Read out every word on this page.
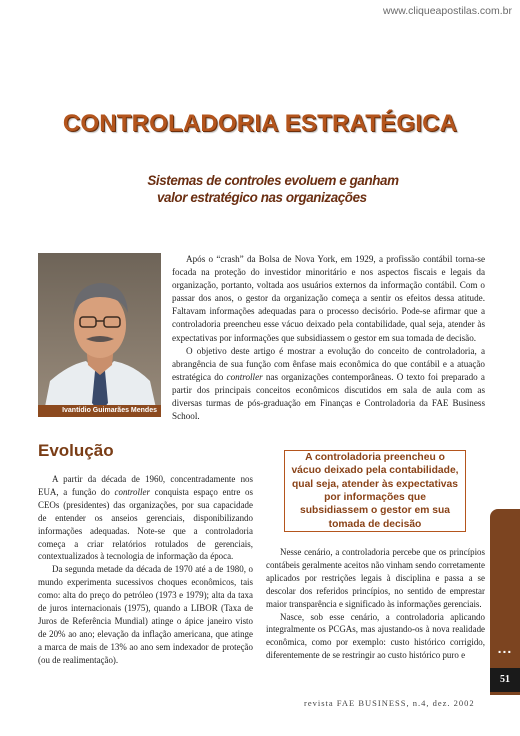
www.cliqueapostilas.com.br
CONTROLADORIA ESTRATÉGICA
Sistemas de controles evoluem e ganham
valor estratégico nas organizações
Ivantídio Guimarães Mendes

Após o “crash” da Bolsa de Nova York, em 1929, a profissão contábil torna-se focada na proteção do investidor minoritário e nos aspectos fiscais e legais da organização, portanto, voltada aos usuários externos da informação contábil. Com o passar dos anos, o gestor da organização começa a sentir os efeitos dessa atitude. Faltavam informações adequadas para o processo decisório. Pode-se afirmar que a controladoria preencheu esse vácuo deixado pela contabilidade, qual seja, atender às expectativas por informações que subsidiassem o gestor em sua tomada de decisão.

O objetivo deste artigo é mostrar a evolução do conceito de controladoria, a abrangência de sua função com ênfase mais econômica do que contábil e a atuação estratégica do controller nas organizações contemporâneas. O texto foi preparado a partir dos principais conceitos econômicos discutidos em sala de aula com as diversas turmas de pós-graduação em Finanças e Controladoria da FAE Business School.

Evolução

A partir da década de 1960, concentradamente nos EUA, a função do controller conquista espaço entre os CEOs (presidentes) das organizações, por sua capacidade de entender os anseios gerenciais, disponibilizando informações adequadas. Note-se que a controladoria começa a criar relatórios rotulados de gerenciais, contextualizados à tecnologia de informação da época.

Da segunda metade da década de 1970 até a de 1980, o mundo experimenta sucessivos choques econômicos, tais como: alta do preço do petróleo (1973 e 1979); alta da taxa de juros internacionais (1975), quando a LIBOR (Taxa de Juros de Referência Mundial) atinge o ápice janeiro visto de 20% ao ano; elevação da inflação americana, que atinge a marca de mais de 13% ao ano sem indexador de proteção (ou de realimentação).

A controladoria preencheu o vácuo deixado pela contabilidade, qual seja, atender às expectativas por informações que subsidiassem o gestor em sua tomada de decisão

Nesse cenário, a controladoria percebe que os princípios contábeis geralmente aceitos não vinham sendo corretamente aplicados por restrições legais à disciplina e passa a se descolar dos referidos princípios, no sentido de emprestar maior transparência e significado às informações gerenciais.

Nasce, sob esse cenário, a controladoria aplicando integralmente os PCGAs, mas ajustando-os à nova realidade econômica, como por exemplo: custo histórico corrigido, diferentemente de se restringir ao custo histórico puro e	...
51
revista FAE BUSINESS, n.4, dez. 2002
